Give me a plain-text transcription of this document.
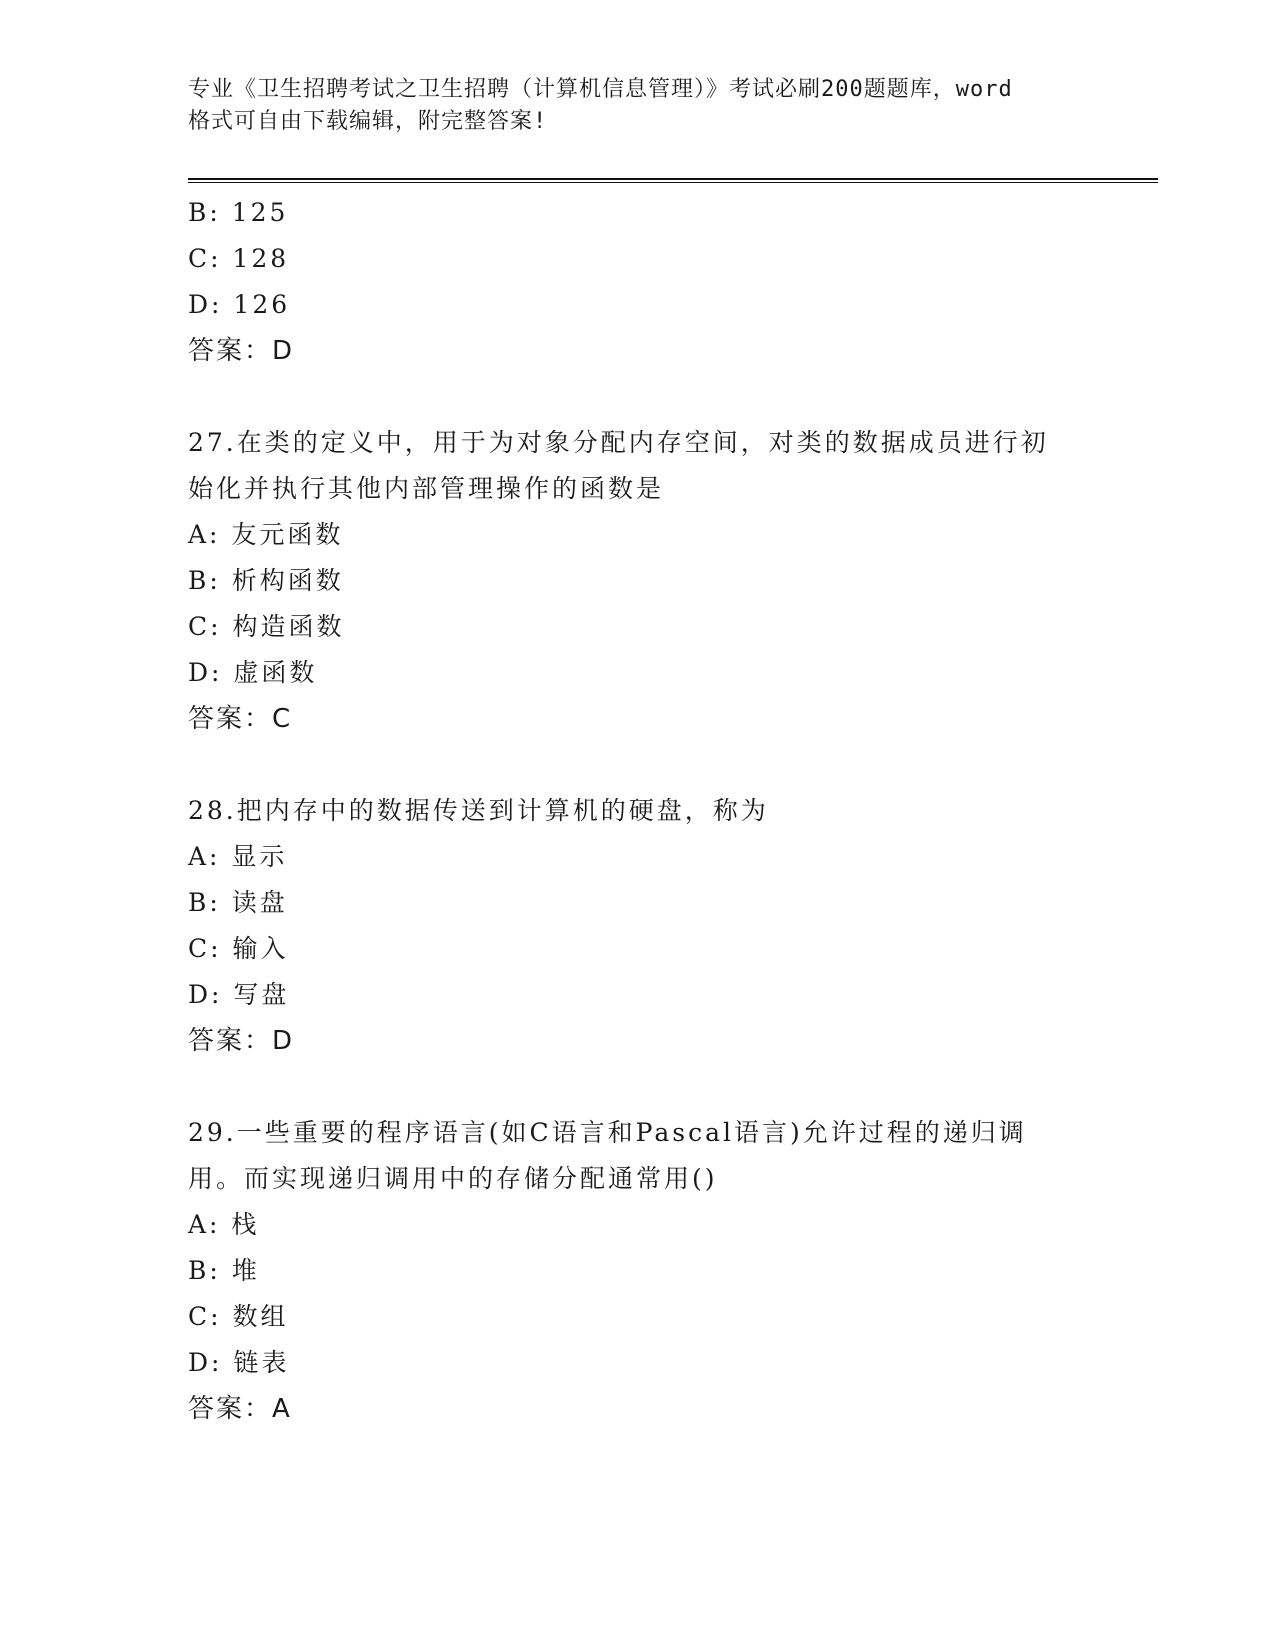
专业《卫生招聘考试之卫生招聘（计算机信息管理）》考试必刷200题题库，word
格式可自由下载编辑，附完整答案!
B: 125
C: 128
D: 126
答案：D
27.在类的定义中，用于为对象分配内存空间，对类的数据成员进行初
始化并执行其他内部管理操作的函数是
A: 友元函数
B: 析构函数
C: 构造函数
D: 虚函数
答案：C
28.把内存中的数据传送到计算机的硬盘，称为
A: 显示
B: 读盘
C: 输入
D: 写盘
答案：D
29.一些重要的程序语言(如C语言和Pascal语言)允许过程的递归调
用。而实现递归调用中的存储分配通常用()
A: 栈
B: 堆
C: 数组
D: 链表
答案：A
